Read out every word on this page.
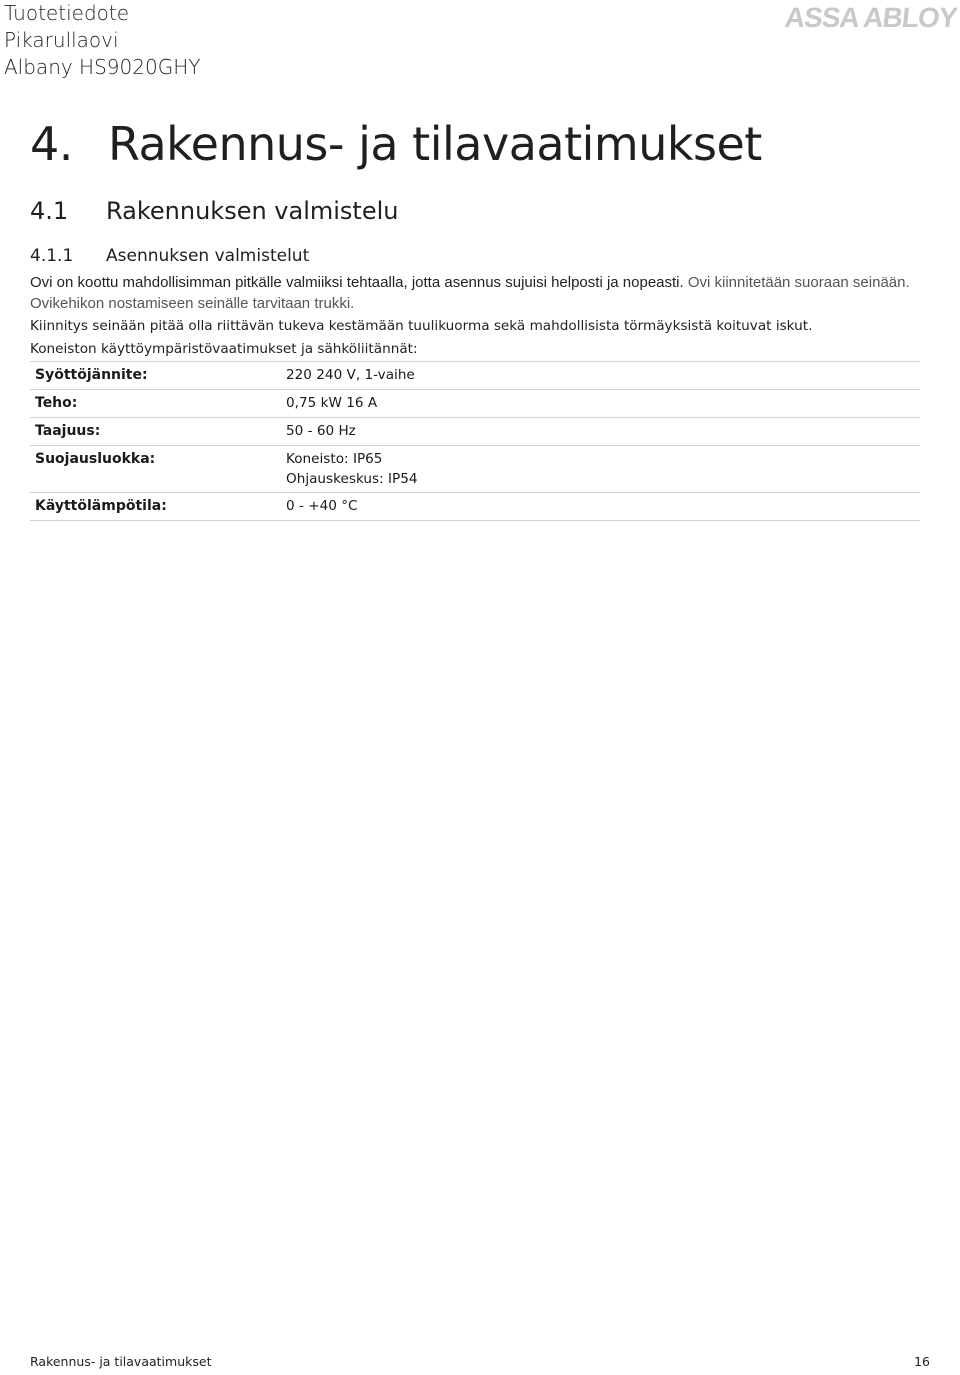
Tuotetiedote
Pikarullaovi
Albany HS9020GHY
ASSA ABLOY
4. Rakennus- ja tilavaatimukset
4.1 Rakennuksen valmistelu
4.1.1 Asennuksen valmistelut
Ovi on koottu mahdollisimman pitkälle valmiiksi tehtaalla, jotta asennus sujuisi helposti ja nopeasti. Ovi kiinnitetään suoraan seinään. Ovikehikon nostamiseen seinälle tarvitaan trukki.
Kiinnitys seinään pitää olla riittävän tukeva kestämään tuulikuorma sekä mahdollisista törmäyksistä koituvat iskut.
Koneiston käyttöympäristövaatimukset ja sähköliitännät:
Syöttöjännite:	220 240 V, 1-vaihe
Teho:	0,75 kW 16 A
Taajuus:	50 - 60 Hz
Suojausluokka:	Koneisto: IP65
Ohjauskeskus: IP54
Käyttölämpötila:	0 - +40 °C
Rakennus- ja tilavaatimukset	16
